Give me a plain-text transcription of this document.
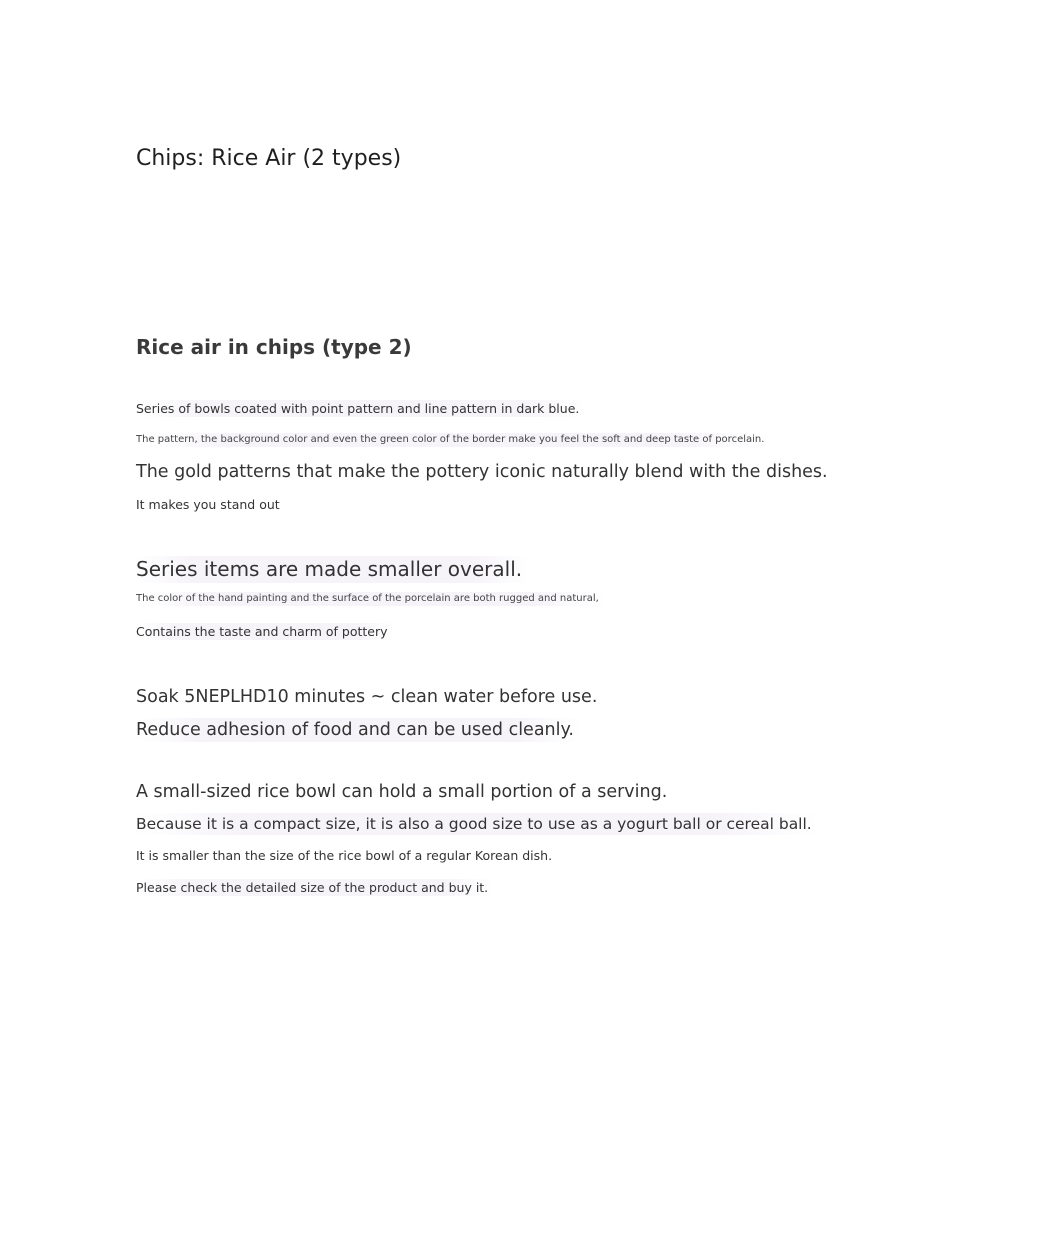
Chips: Rice Air (2 types)
Rice air in chips (type 2)

Series of bowls coated with point pattern and line pattern in dark blue.

The pattern, the background color and even the green color of the border make you feel the soft and deep taste of porcelain.

The gold patterns that make the pottery iconic naturally blend with the dishes.

It makes you stand out

Series items are made smaller overall.

The color of the hand painting and the surface of the porcelain are both rugged and natural,

Contains the taste and charm of pottery

Soak 5NEPLHD10 minutes ~ clean water before use.

Reduce adhesion of food and can be used cleanly.

A small-sized rice bowl can hold a small portion of a serving.

Because it is a compact size, it is also a good size to use as a yogurt ball or cereal ball.

It is smaller than the size of the rice bowl of a regular Korean dish.

Please check the detailed size of the product and buy it.
